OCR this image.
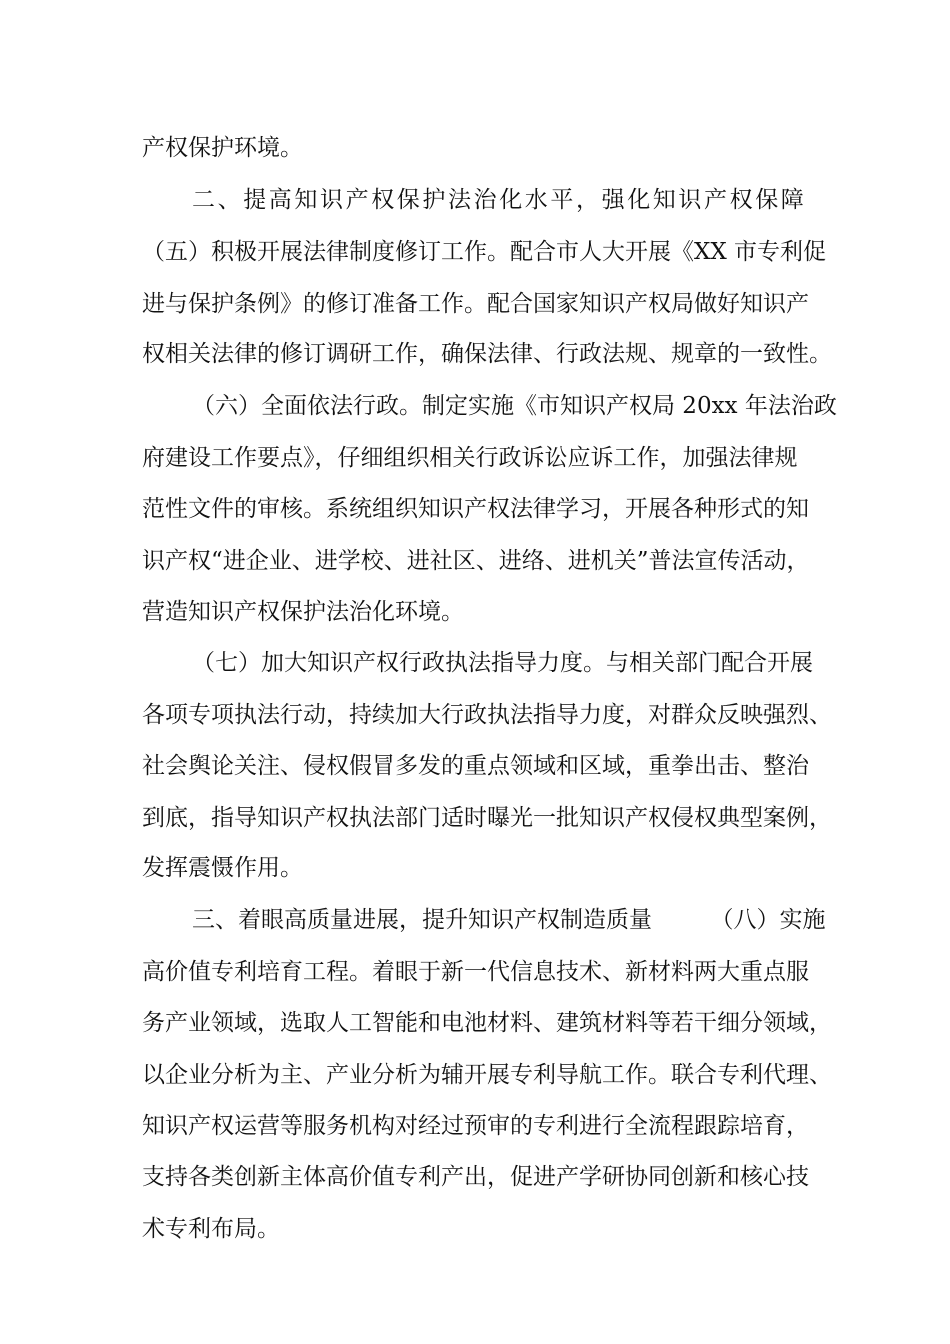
产权保护环境。
二、提高知识产权保护法治化水平，强化知识产权保障
（五）积极开展法律制度修订工作。配合市人大开展《XX 市专利促
进与保护条例》的修订准备工作。配合国家知识产权局做好知识产
权相关法律的修订调研工作，确保法律、行政法规、规章的一致性。
（六）全面依法行政。制定实施《市知识产权局 20xx 年法治政
府建设工作要点》，仔细组织相关行政诉讼应诉工作，加强法律规
范性文件的审核。系统组织知识产权法律学习，开展各种形式的知
识产权“进企业、进学校、进社区、进络、进机关”普法宣传活动，
营造知识产权保护法治化环境。
（七）加大知识产权行政执法指导力度。与相关部门配合开展
各项专项执法行动，持续加大行政执法指导力度，对群众反映强烈、
社会舆论关注、侵权假冒多发的重点领域和区域，重拳出击、整治
到底，指导知识产权执法部门适时曝光一批知识产权侵权典型案例，
发挥震慑作用。
三、着眼高质量进展，提升知识产权制造质量        （八）实施
高价值专利培育工程。着眼于新一代信息技术、新材料两大重点服
务产业领域，选取人工智能和电池材料、建筑材料等若干细分领域，
以企业分析为主、产业分析为辅开展专利导航工作。联合专利代理、
知识产权运营等服务机构对经过预审的专利进行全流程跟踪培育，
支持各类创新主体高价值专利产出，促进产学研协同创新和核心技
术专利布局。
